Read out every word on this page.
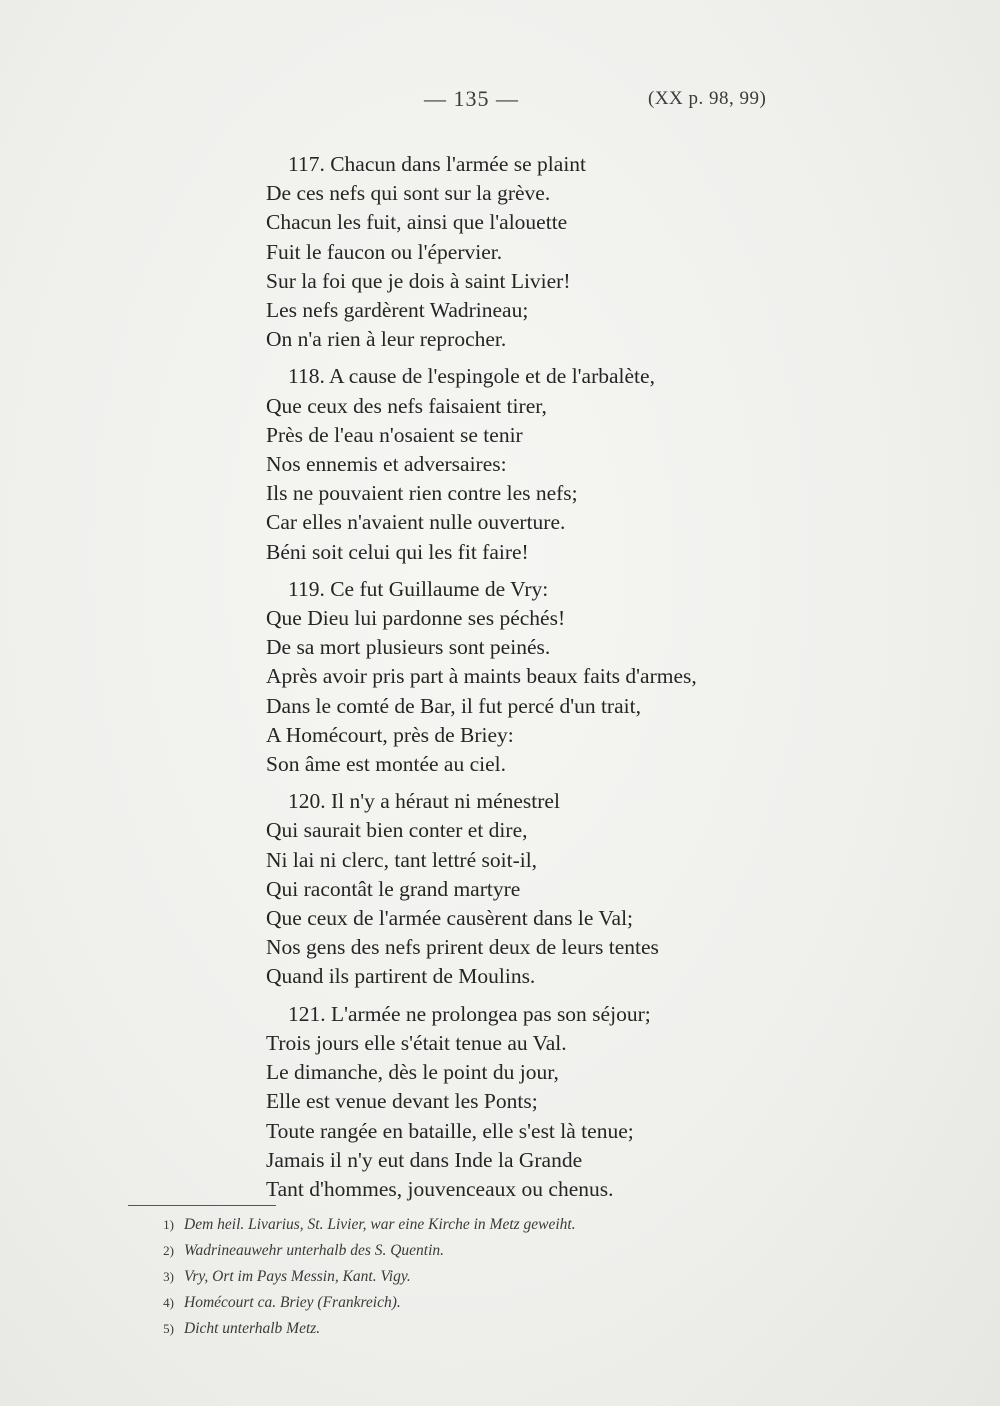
— 135 —	(XX p. 98, 99)
117. Chacun dans l'armée se plaint
De ces nefs qui sont sur la grève.
Chacun les fuit, ainsi que l'alouette
Fuit le faucon ou l'épervier.
Sur la foi que je dois à saint Livier!
Les nefs gardèrent Wadrineau;
On n'a rien à leur reprocher.
118. A cause de l'espingole et de l'arbalète,
Que ceux des nefs faisaient tirer,
Près de l'eau n'osaient se tenir
Nos ennemis et adversaires:
Ils ne pouvaient rien contre les nefs;
Car elles n'avaient nulle ouverture.
Béni soit celui qui les fit faire!
119. Ce fut Guillaume de Vry:
Que Dieu lui pardonne ses péchés!
De sa mort plusieurs sont peinés.
Après avoir pris part à maints beaux faits d'armes,
Dans le comté de Bar, il fut percé d'un trait,
A Homécourt, près de Briey:
Son âme est montée au ciel.
120. Il n'y a héraut ni ménestrel
Qui saurait bien conter et dire,
Ni lai ni clerc, tant lettré soit-il,
Qui racontât le grand martyre
Que ceux de l'armée causèrent dans le Val;
Nos gens des nefs prirent deux de leurs tentes
Quand ils partirent de Moulins.
121. L'armée ne prolongea pas son séjour;
Trois jours elle s'était tenue au Val.
Le dimanche, dès le point du jour,
Elle est venue devant les Ponts;
Toute rangée en bataille, elle s'est là tenue;
Jamais il n'y eut dans Inde la Grande
Tant d'hommes, jouvenceaux ou chenus.
1) Dem heil. Livarius, St. Livier, war eine Kirche in Metz geweiht.
2) Wadrineauwehr unterhalb des S. Quentin.
3) Vry, Ort im Pays Messin, Kant. Vigy.
4) Homécourt ca. Briey (Frankreich).
5) Dicht unterhalb Metz.
